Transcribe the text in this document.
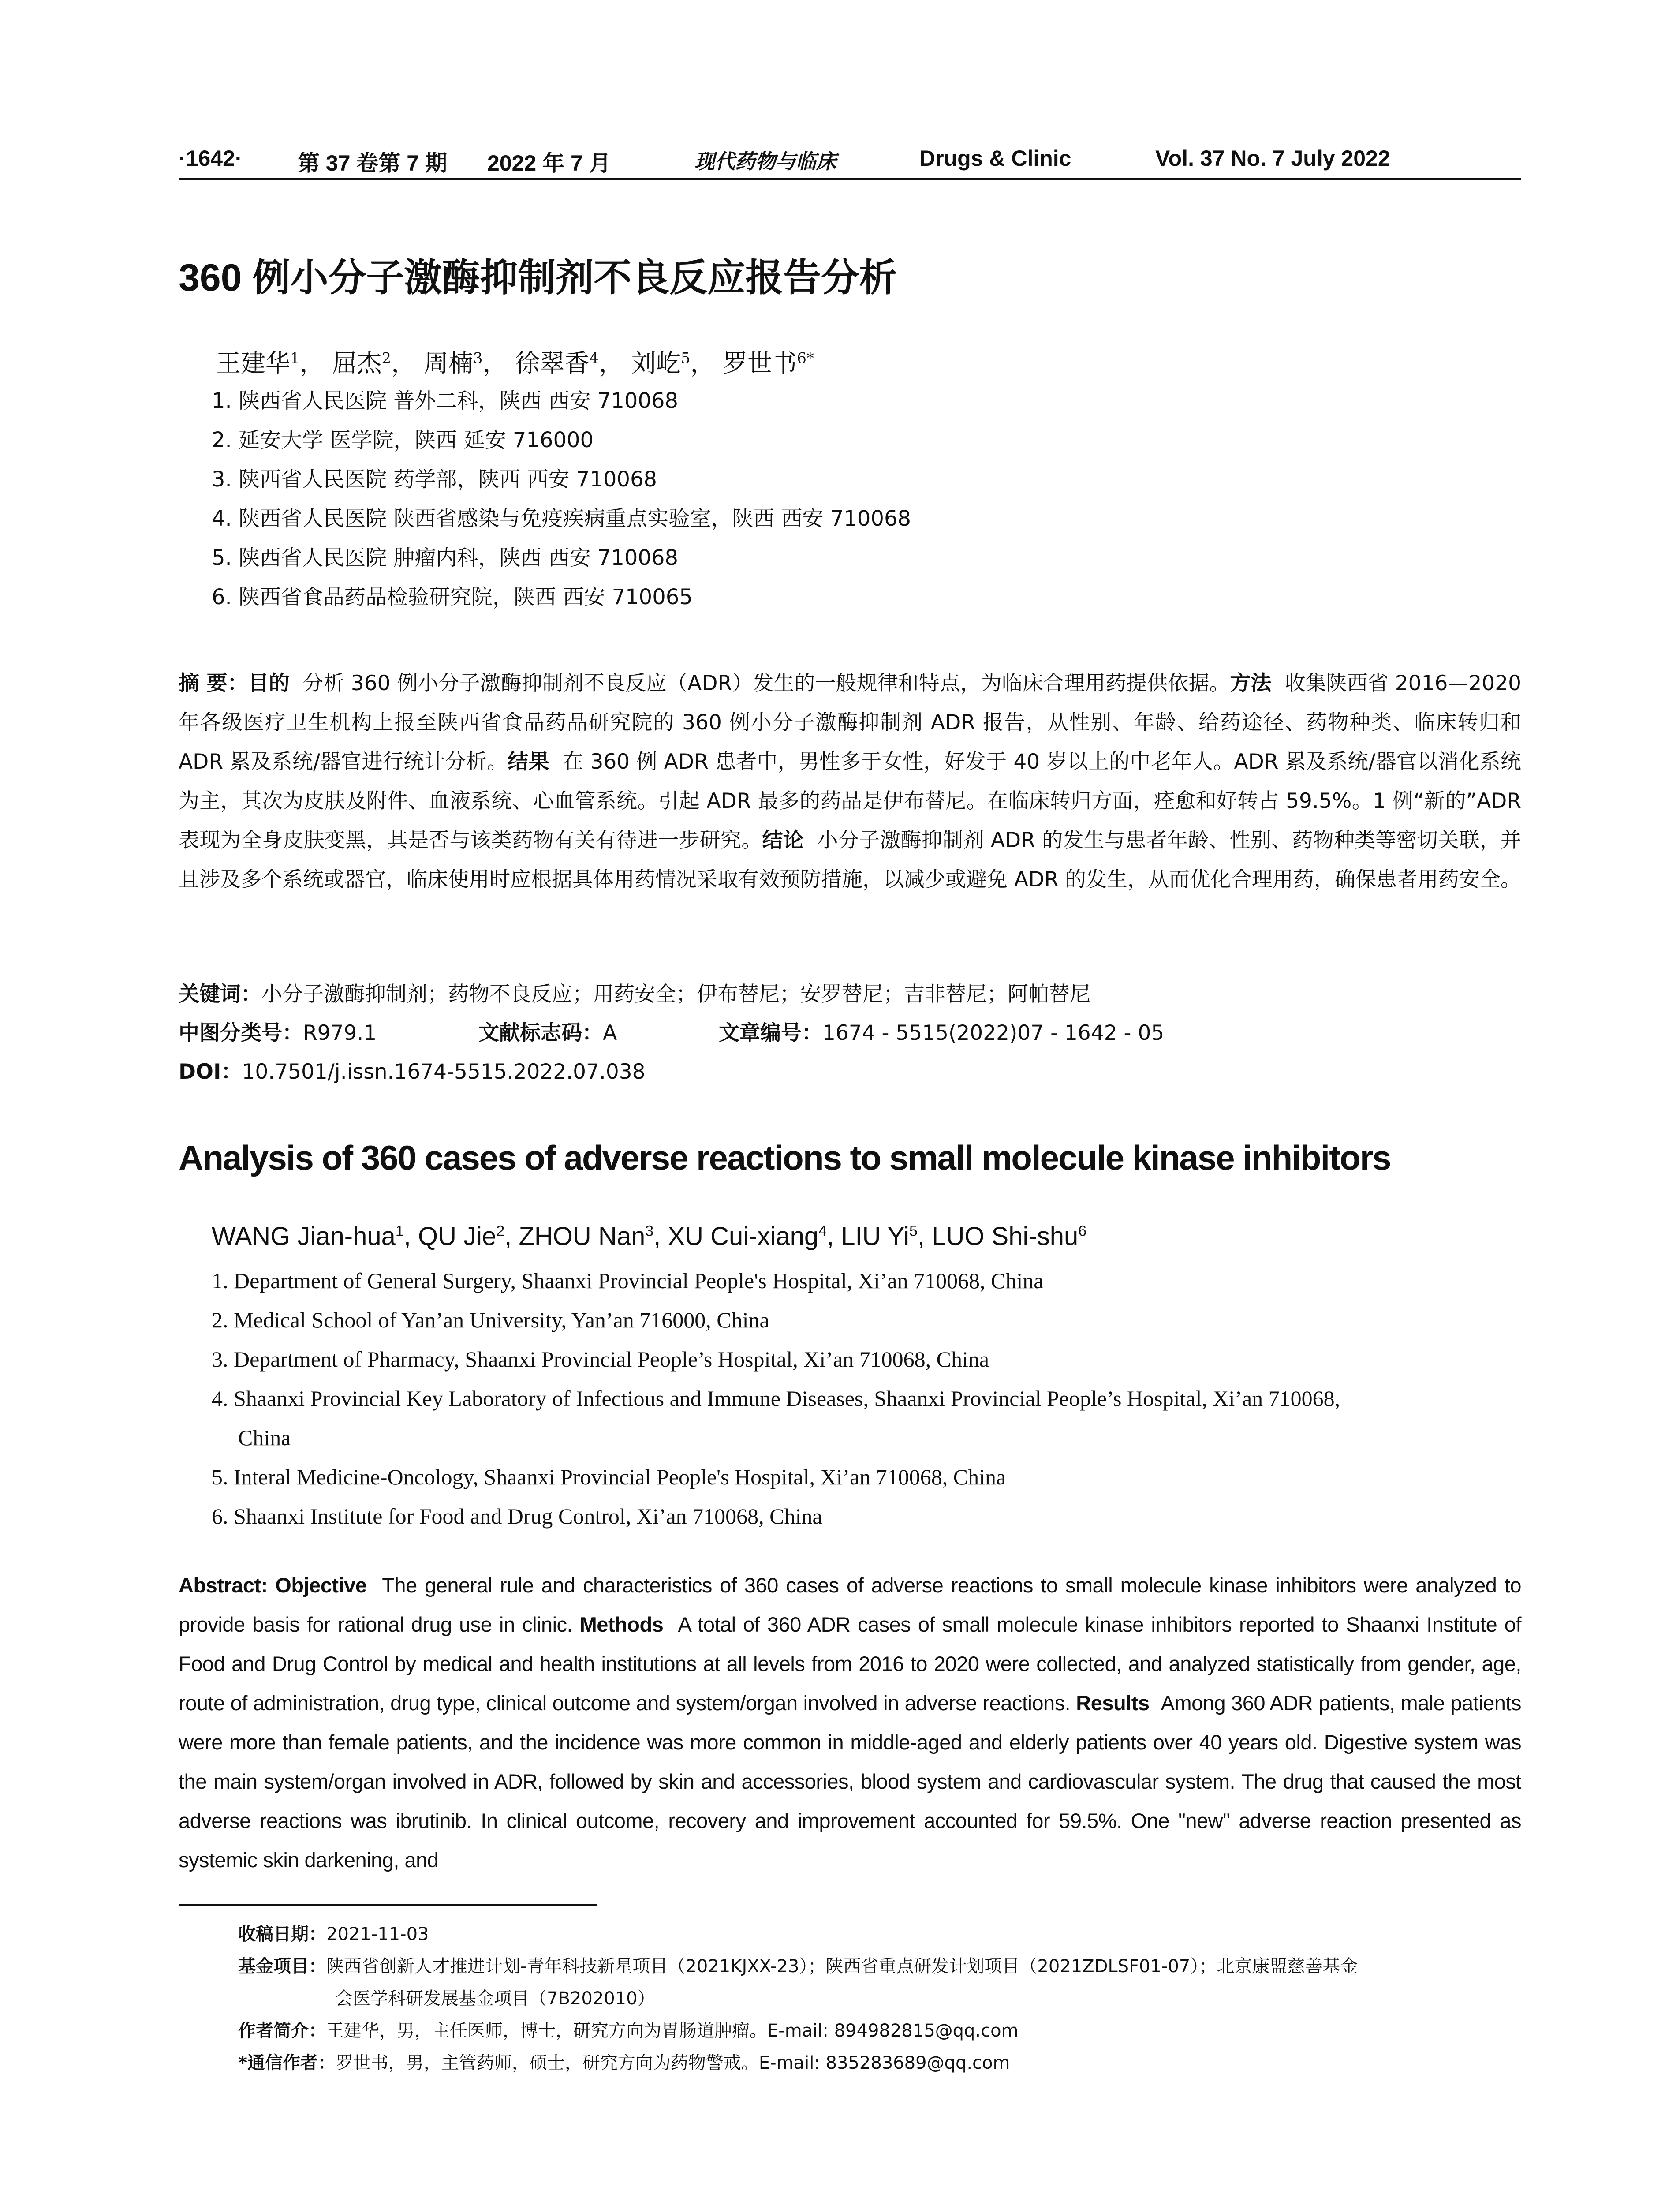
·1642·	第 37 卷第 7 期 2022 年 7 月	现代药物与临床	Drugs & Clinic	Vol. 37 No. 7 July 2022
360 例小分子激酶抑制剂不良反应报告分析
王建华$^1$， 屈杰$^2$， 周楠$^3$， 徐翠香$^4$， 刘屹$^5$， 罗世书$^{6*}$
1. 陕西省人民医院 普外二科，陕西 西安 710068
2. 延安大学 医学院，陕西 延安 716000
3. 陕西省人民医院 药学部，陕西 西安 710068
4. 陕西省人民医院 陕西省感染与免疫疾病重点实验室，陕西 西安 710068
5. 陕西省人民医院 肿瘤内科，陕西 西安 710068
6. 陕西省食品药品检验研究院，陕西 西安 710065
摘 要：目的 分析 360 例小分子激酶抑制剂不良反应（ADR）发生的一般规律和特点，为临床合理用药提供依据。方法 收集陕西省 2016—2020 年各级医疗卫生机构上报至陕西省食品药品研究院的 360 例小分子激酶抑制剂 ADR 报告，从性别、年龄、给药途径、药物种类、临床转归和 ADR 累及系统/器官进行统计分析。结果 在 360 例 ADR 患者中，男性多于女性，好发于 40 岁以上的中老年人。ADR 累及系统/器官以消化系统为主，其次为皮肤及附件、血液系统、心血管系统。引起 ADR 最多的药品是伊布替尼。在临床转归方面，痊愈和好转占 59.5%。1 例“新的”ADR 表现为全身皮肤变黑，其是否与该类药物有关有待进一步研究。结论 小分子激酶抑制剂 ADR 的发生与患者年龄、性别、药物种类等密切关联，并且涉及多个系统或器官，临床使用时应根据具体用药情况采取有效预防措施，以减少或避免 ADR 的发生，从而优化合理用药，确保患者用药安全。
关键词：小分子激酶抑制剂；药物不良反应；用药安全；伊布替尼；安罗替尼；吉非替尼；阿帕替尼
中图分类号：R979.1	文献标志码：A	文章编号：1674 - 5515(2022)07 - 1642 - 05
DOI：10.7501/j.issn.1674-5515.2022.07.038
Analysis of 360 cases of adverse reactions to small molecule kinase inhibitors
WANG Jian-hua$^1$, QU Jie$^2$, ZHOU Nan$^3$, XU Cui-xiang$^4$, LIU Yi$^5$, LUO Shi-shu$^6$
1. Department of General Surgery, Shaanxi Provincial People's Hospital, Xi’an 710068, China
2. Medical School of Yan’an University, Yan’an 716000, China
3. Department of Pharmacy, Shaanxi Provincial People’s Hospital, Xi’an 710068, China
4. Shaanxi Provincial Key Laboratory of Infectious and Immune Diseases, Shaanxi Provincial People’s Hospital, Xi’an 710068,
China
5. Interal Medicine-Oncology, Shaanxi Provincial People's Hospital, Xi’an 710068, China
6. Shaanxi Institute for Food and Drug Control, Xi’an 710068, China
Abstract: Objective The general rule and characteristics of 360 cases of adverse reactions to small molecule kinase inhibitors were analyzed to provide basis for rational drug use in clinic. Methods A total of 360 ADR cases of small molecule kinase inhibitors reported to Shaanxi Institute of Food and Drug Control by medical and health institutions at all levels from 2016 to 2020 were collected, and analyzed statistically from gender, age, route of administration, drug type, clinical outcome and system/organ involved in adverse reactions. Results Among 360 ADR patients, male patients were more than female patients, and the incidence was more common in middle-aged and elderly patients over 40 years old. Digestive system was the main system/organ involved in ADR, followed by skin and accessories, blood system and cardiovascular system. The drug that caused the most adverse reactions was ibrutinib. In clinical outcome, recovery and improvement accounted for 59.5%. One "new" adverse reaction presented as systemic skin darkening, and
收稿日期：2021-11-03
基金项目：陕西省创新人才推进计划-青年科技新星项目（2021KJXX-23）；陕西省重点研发计划项目（2021ZDLSF01-07）；北京康盟慈善基金
会医学科研发展基金项目（7B202010）
作者简介：王建华，男，主任医师，博士，研究方向为胃肠道肿瘤。E-mail: 894982815@qq.com
*通信作者：罗世书，男，主管药师，硕士，研究方向为药物警戒。E-mail: 835283689@qq.com
